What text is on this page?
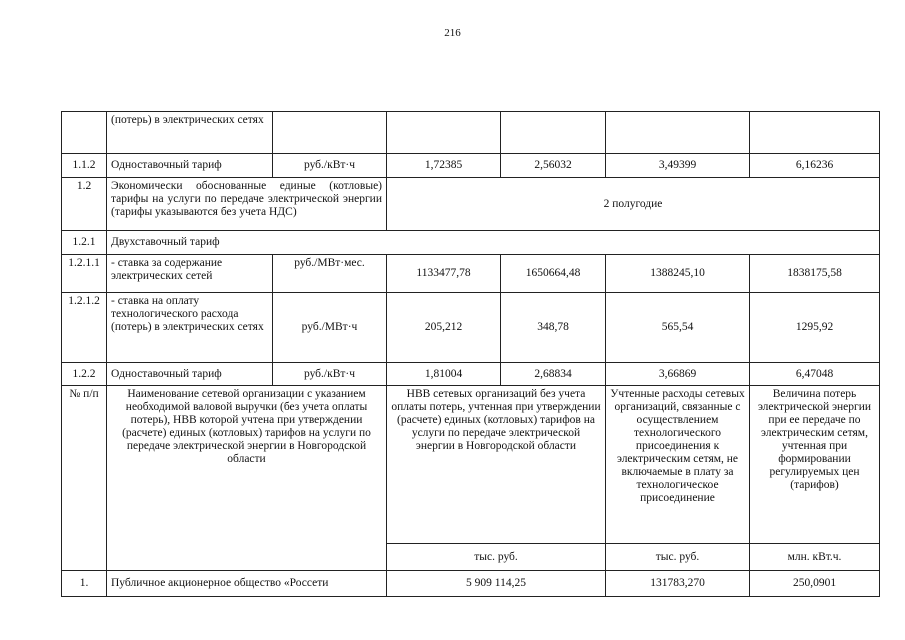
216
	(потерь) в электрических сетях					
1.1.2	Одноставочный тариф	руб./кВт·ч	1,72385	2,56032	3,49399	6,16236
1.2	Экономически обоснованные единые (котловые) тарифы на услуги по передаче электрической энергии (тарифы указываются без учета НДС)		2 полугодие			
1.2.1	Двухставочный тариф					
1.2.1.1	- ставка за содержание электрических сетей	руб./МВт·мес.	1133477,78	1650664,48	1388245,10	1838175,58
1.2.1.2	- ставка на оплату технологического расхода (потерь) в электрических сетях	руб./МВт·ч	205,212	348,78	565,54	1295,92
1.2.2	Одноставочный тариф	руб./кВт·ч	1,81004	2,68834	3,66869	6,47048
№ п/п	Наименование сетевой организации с указанием необходимой валовой выручки (без учета оплаты потерь), НВВ которой учтена при утверждении (расчете) единых (котловых) тарифов на услуги по передаче электрической энергии в Новгородской области		НВВ сетевых организаций без учета оплаты потерь, учтенная при утверждении (расчете) единых (котловых) тарифов на услуги по передаче электрической энергии в Новгородской области		Учтенные расходы сетевых организаций, связанные с осуществлением технологического присоединения к электрическим сетям, не включаемые в плату за технологическое присоединение	Величина потерь электрической энергии при ее передаче по электрическим сетям, учтенная при формировании регулируемых цен (тарифов)
			тыс. руб.		тыс. руб.	млн. кВт.ч.
1.	Публичное акционерное общество «Россети		5 909 114,25		131783,270	250,0901
